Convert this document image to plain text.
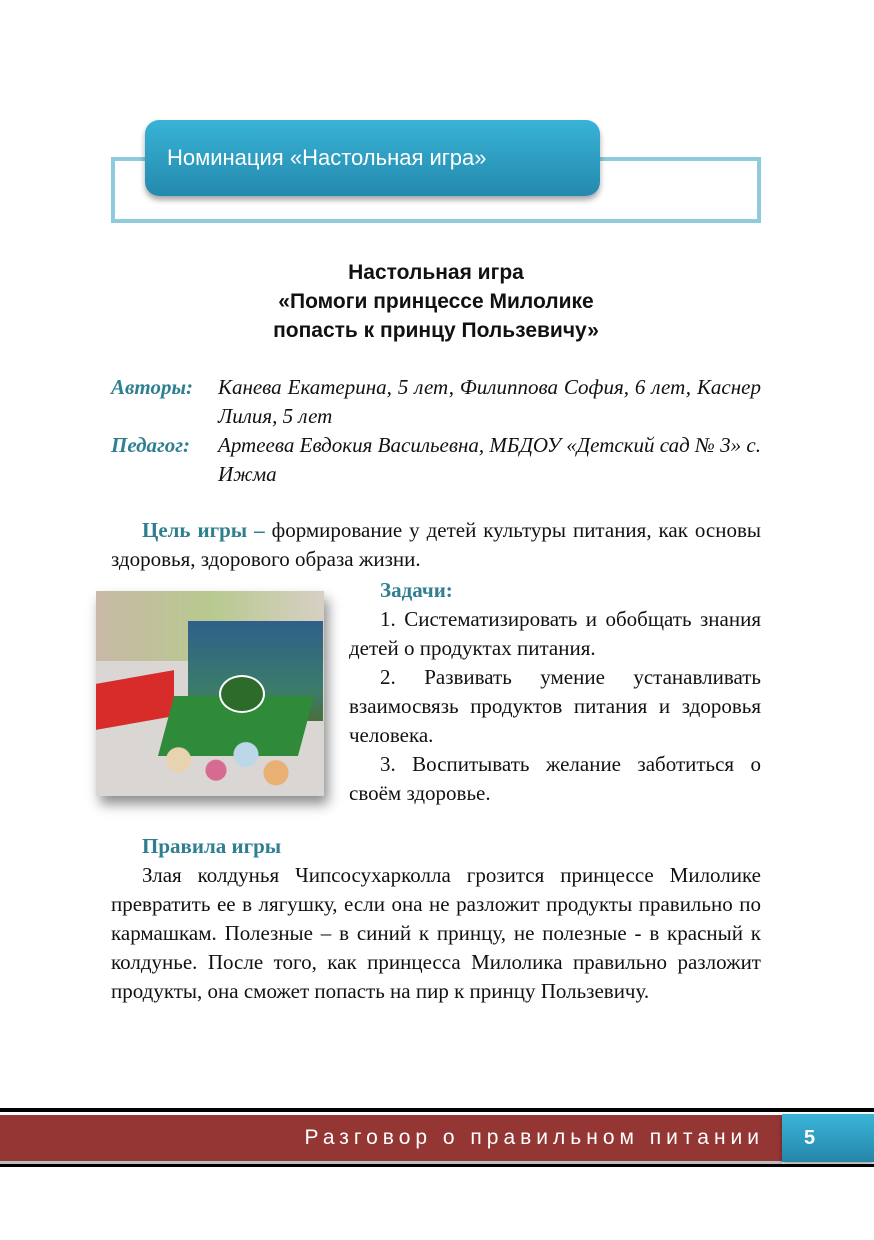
Номинация «Настольная игра»
Настольная игра
«Помоги принцессе Милолике
попасть к принцу Пользевичу»
Авторы:	Канева Екатерина, 5 лет, Филиппова София, 6 лет, Каснер Лилия, 5 лет
Педагог:	Артеева Евдокия Васильевна, МБДОУ «Детский сад № 3» с. Ижма
Цель игры – формирование у детей культуры питания, как основы здоровья, здорового образа жизни.
Задачи:

1. Систематизировать и обобщать знания детей о продуктах питания.

2. Развивать умение устанавливать взаимосвязь продуктов питания и здоровья человека.

3. Воспитывать желание заботиться о своём здоровье.

Правила игры

Злая колдунья Чипсосухарколла грозится принцессе Милолике превратить ее в лягушку, если она не разложит продукты правильно по кармашкам. Полезные – в синий к принцу, не полезные - в красный к колдунье. После того, как принцесса Милолика правильно разложит продукты, она сможет попасть на пир к принцу Пользевичу.

Разговор о правильном питании 5
